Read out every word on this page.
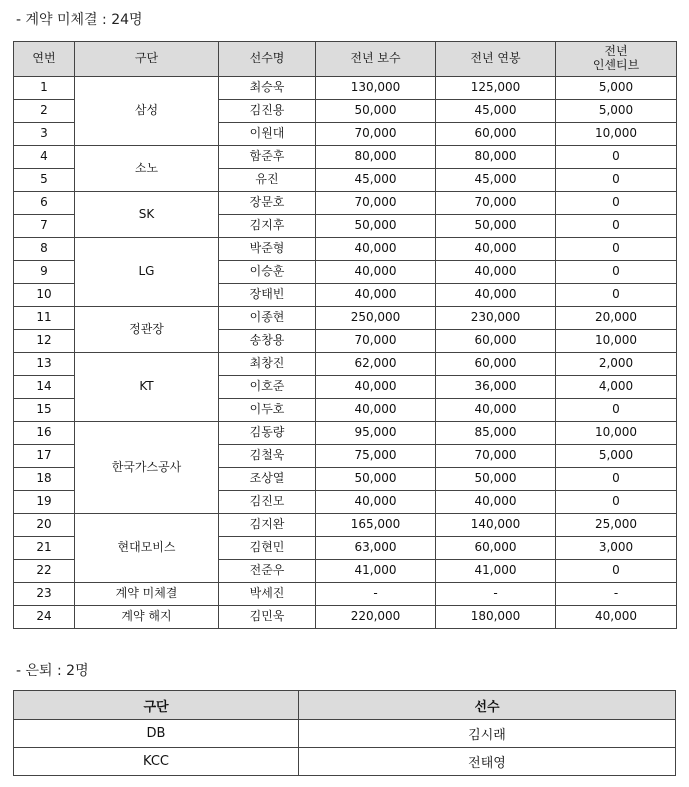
- 계약 미체결 : 24명
연번	구단	선수명	전년 보수	전년 연봉	전년
인센티브
1	삼성	최승욱	130,000	125,000	5,000
2		김진용	50,000	45,000	5,000
3		이원대	70,000	60,000	10,000
4	소노	함준후	80,000	80,000	0
5		유진	45,000	45,000	0
6	SK	장문호	70,000	70,000	0
7		김지후	50,000	50,000	0
8	LG	박준형	40,000	40,000	0
9		이승훈	40,000	40,000	0
10		장태빈	40,000	40,000	0
11	정관장	이종현	250,000	230,000	20,000
12		송창용	70,000	60,000	10,000
13	KT	최창진	62,000	60,000	2,000
14		이호준	40,000	36,000	4,000
15		이두호	40,000	40,000	0
16	한국가스공사	김동량	95,000	85,000	10,000
17		김철욱	75,000	70,000	5,000
18		조상열	50,000	50,000	0
19		김진모	40,000	40,000	0
20	현대모비스	김지완	165,000	140,000	25,000
21		김현민	63,000	60,000	3,000
22		전준우	41,000	41,000	0
23	계약 미체결	박세진	-	-	-
24	계약 해지	김민욱	220,000	180,000	40,000
- 은퇴 : 2명
구단	선수
DB	김시래
KCC	전태영
